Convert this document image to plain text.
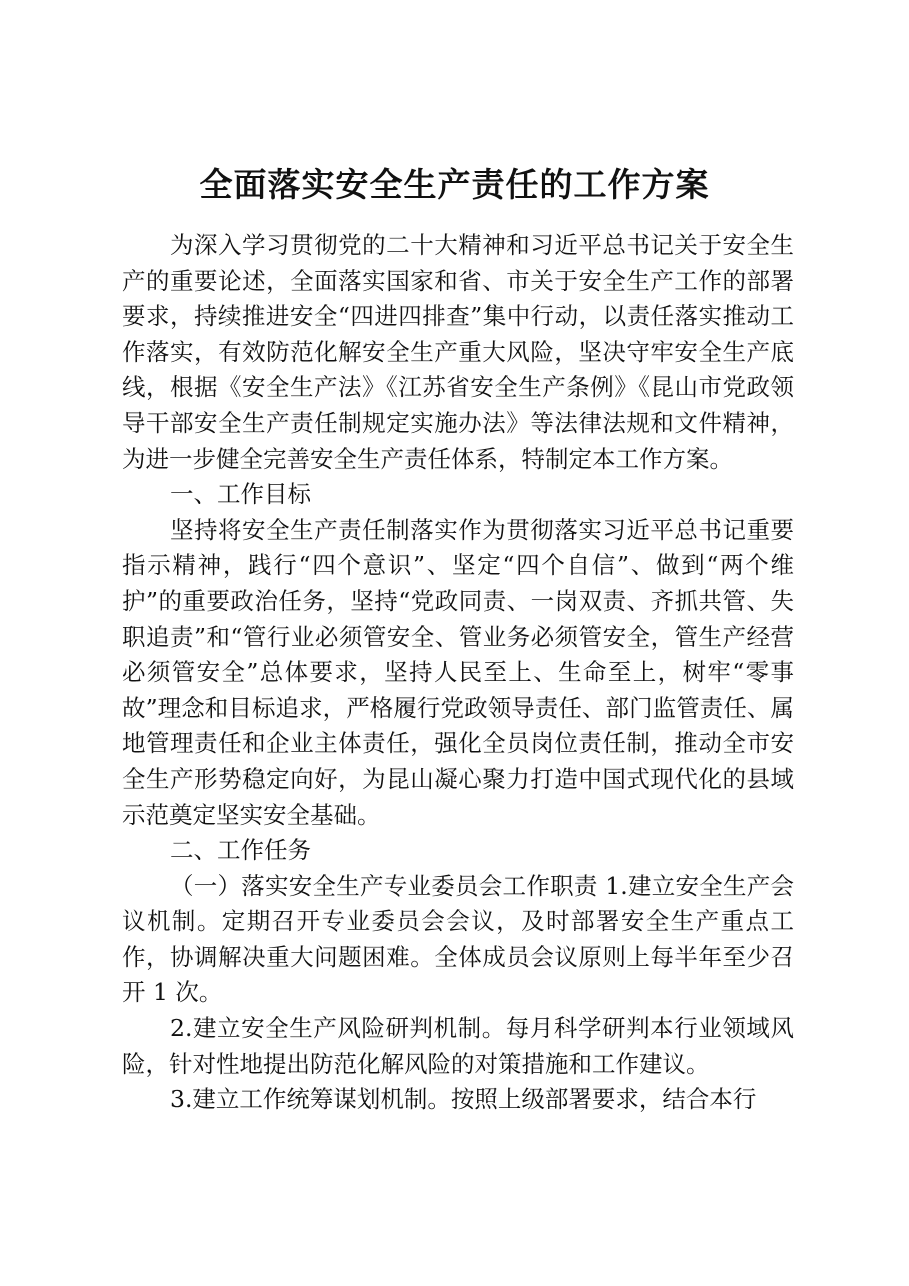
全面落实安全生产责任的工作方案

为深入学习贯彻党的二十大精神和习近平总书记关于安全生产的重要论述，全面落实国家和省、市关于安全生产工作的部署要求，持续推进安全“四进四排查”集中行动，以责任落实推动工作落实，有效防范化解安全生产重大风险，坚决守牢安全生产底线，根据《安全生产法》《江苏省安全生产条例》《昆山市党政领导干部安全生产责任制规定实施办法》等法律法规和文件精神，为进一步健全完善安全生产责任体系，特制定本工作方案。

一、工作目标

坚持将安全生产责任制落实作为贯彻落实习近平总书记重要指示精神，践行“四个意识”、坚定“四个自信”、做到“两个维护”的重要政治任务，坚持“党政同责、一岗双责、齐抓共管、失职追责”和“管行业必须管安全、管业务必须管安全，管生产经营必须管安全”总体要求，坚持人民至上、生命至上，树牢“零事故”理念和目标追求，严格履行党政领导责任、部门监管责任、属地管理责任和企业主体责任，强化全员岗位责任制，推动全市安全生产形势稳定向好，为昆山凝心聚力打造中国式现代化的县域示范奠定坚实安全基础。

二、工作任务

（一）落实安全生产专业委员会工作职责 1.建立安全生产会议机制。定期召开专业委员会会议，及时部署安全生产重点工作，协调解决重大问题困难。全体成员会议原则上每半年至少召开 1 次。

2.建立安全生产风险研判机制。每月科学研判本行业领域风险，针对性地提出防范化解风险的对策措施和工作建议。

3.建立工作统筹谋划机制。按照上级部署要求，结合本行
